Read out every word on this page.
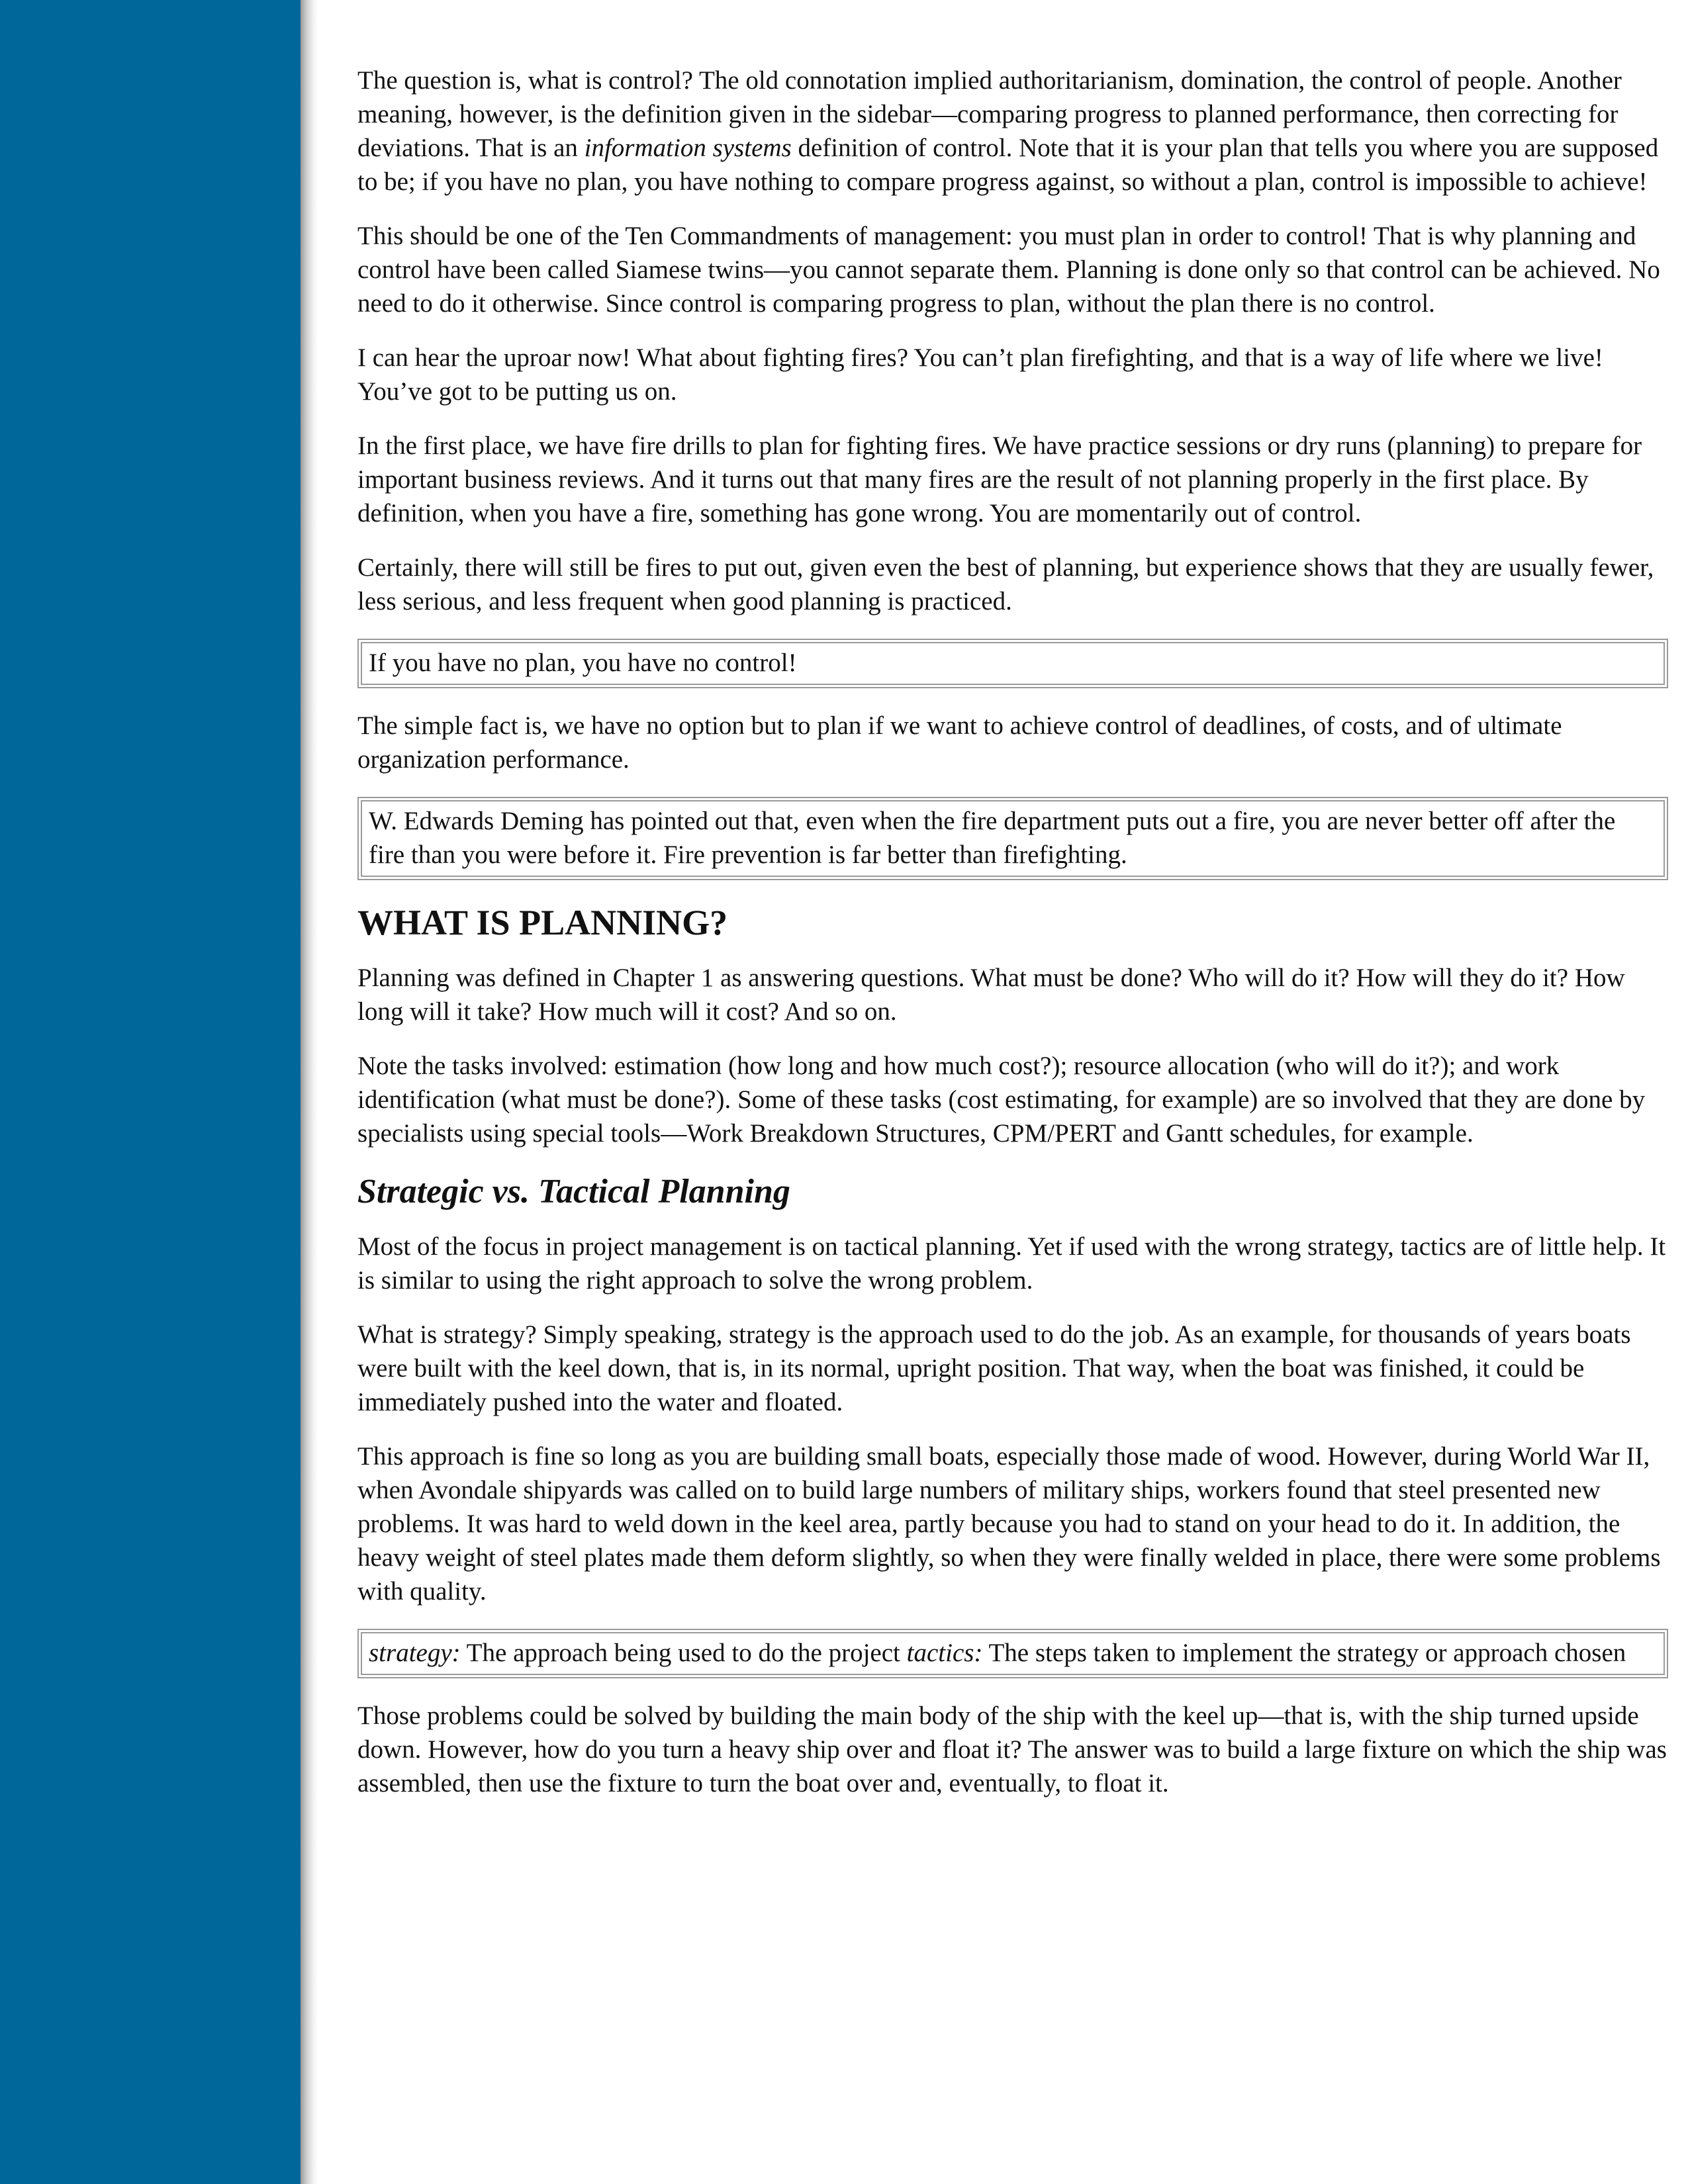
The question is, what is control? The old connotation implied authoritarianism, domination, the control of people. Another meaning, however, is the definition given in the sidebar—comparing progress to planned performance, then correcting for deviations. That is an information systems definition of control. Note that it is your plan that tells you where you are supposed to be; if you have no plan, you have nothing to compare progress against, so without a plan, control is impossible to achieve!

This should be one of the Ten Commandments of management: you must plan in order to control! That is why planning and control have been called Siamese twins—you cannot separate them. Planning is done only so that control can be achieved. No need to do it otherwise. Since control is comparing progress to plan, without the plan there is no control.

I can hear the uproar now! What about fighting fires? You can’t plan firefighting, and that is a way of life where we live! You’ve got to be putting us on.

In the first place, we have fire drills to plan for fighting fires. We have practice sessions or dry runs (planning) to prepare for important business reviews. And it turns out that many fires are the result of not planning properly in the first place. By definition, when you have a fire, something has gone wrong. You are momentarily out of control.

Certainly, there will still be fires to put out, given even the best of planning, but experience shows that they are usually fewer, less serious, and less frequent when good planning is practiced.

If you have no plan, you have no control!

The simple fact is, we have no option but to plan if we want to achieve control of deadlines, of costs, and of ultimate organization performance.

W. Edwards Deming has pointed out that, even when the fire department puts out a fire, you are never better off after the fire than you were before it. Fire prevention is far better than firefighting.
WHAT IS PLANNING?

Planning was defined in Chapter 1 as answering questions. What must be done? Who will do it? How will they do it? How long will it take? How much will it cost? And so on.

Note the tasks involved: estimation (how long and how much cost?); resource allocation (who will do it?); and work identification (what must be done?). Some of these tasks (cost estimating, for example) are so involved that they are done by specialists using special tools—Work Breakdown Structures, CPM/PERT and Gantt schedules, for example.

Strategic vs. Tactical Planning

Most of the focus in project management is on tactical planning. Yet if used with the wrong strategy, tactics are of little help. It is similar to using the right approach to solve the wrong problem.

What is strategy? Simply speaking, strategy is the approach used to do the job. As an example, for thousands of years boats were built with the keel down, that is, in its normal, upright position. That way, when the boat was finished, it could be immediately pushed into the water and floated.

This approach is fine so long as you are building small boats, especially those made of wood. However, during World War II, when Avondale shipyards was called on to build large numbers of military ships, workers found that steel presented new problems. It was hard to weld down in the keel area, partly because you had to stand on your head to do it. In addition, the heavy weight of steel plates made them deform slightly, so when they were finally welded in place, there were some problems with quality.

strategy: The approach being used to do the project tactics: The steps taken to implement the strategy or approach chosen

Those problems could be solved by building the main body of the ship with the keel up—that is, with the ship turned upside down. However, how do you turn a heavy ship over and float it? The answer was to build a large fixture on which the ship was assembled, then use the fixture to turn the boat over and, eventually, to float it.
